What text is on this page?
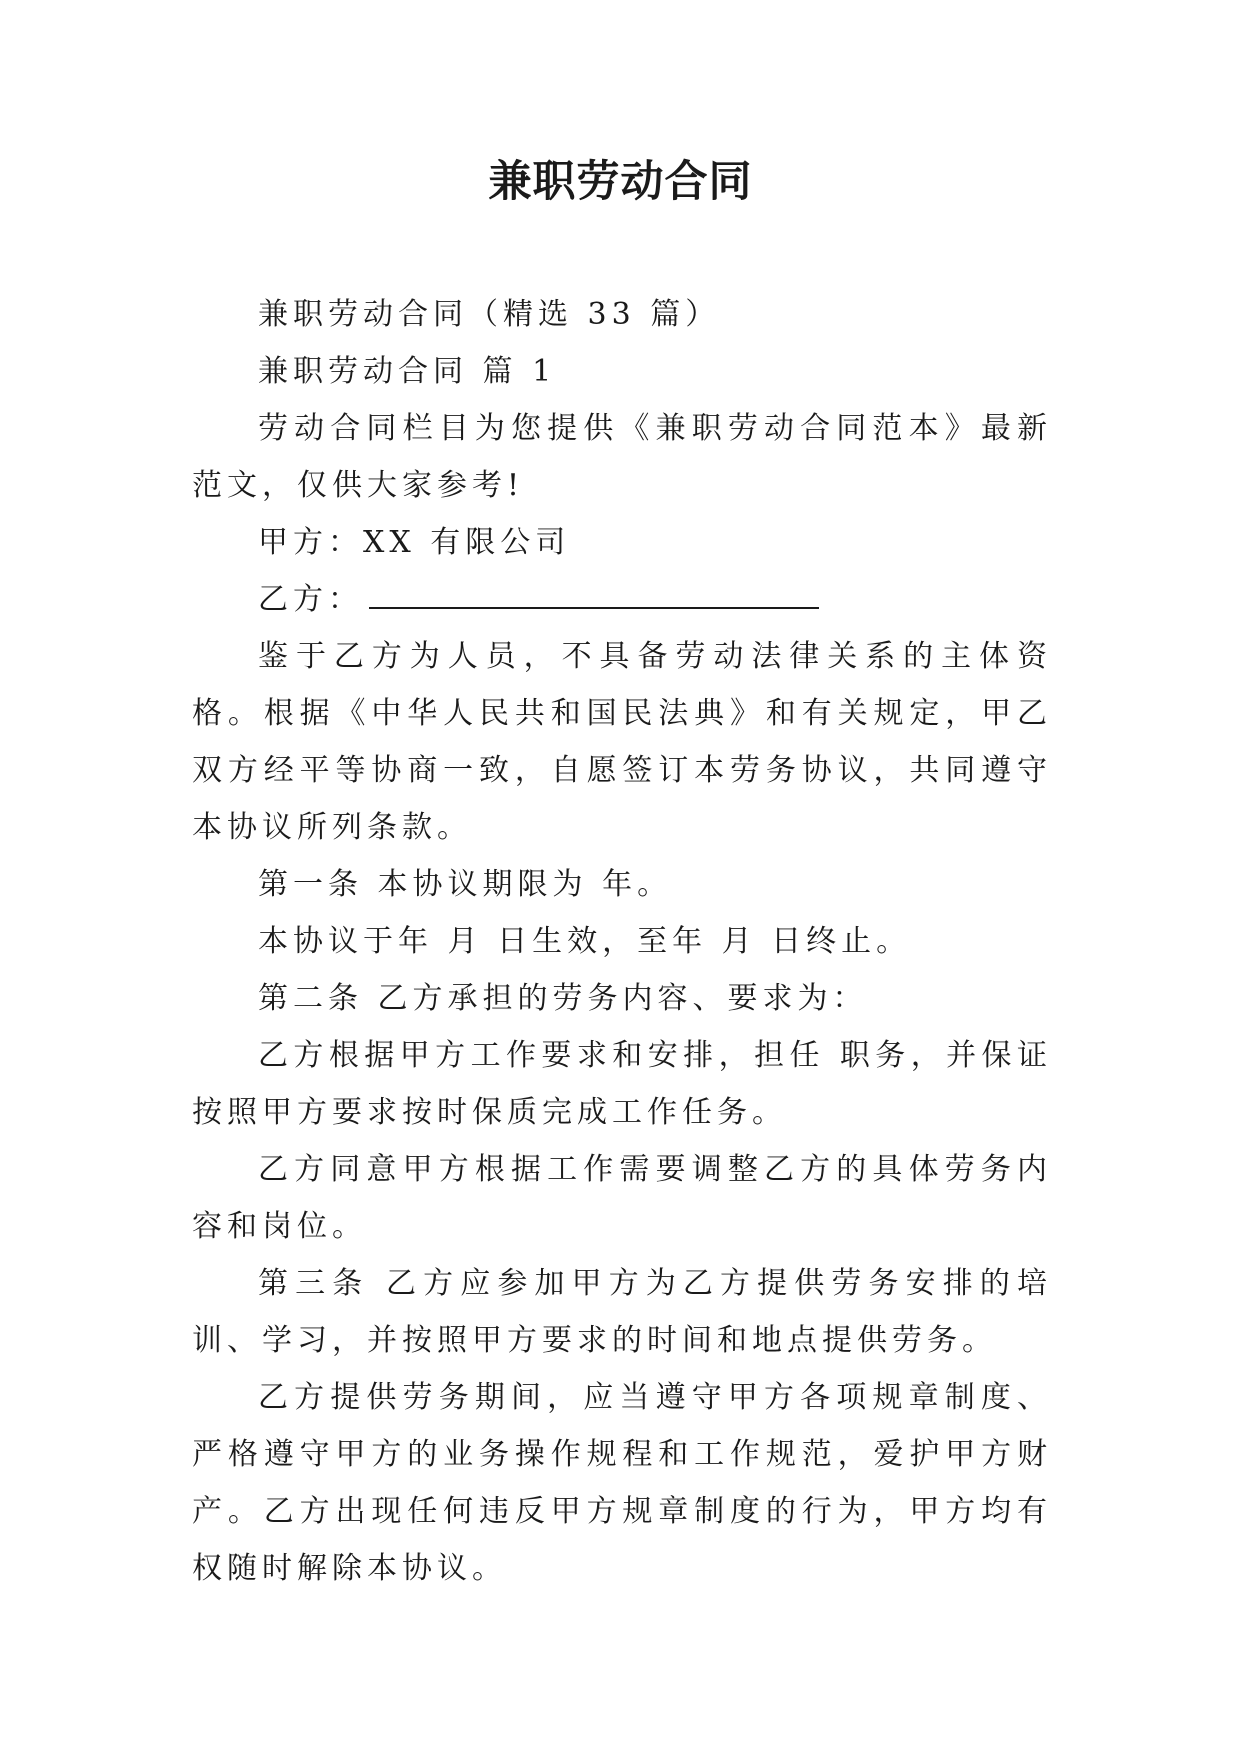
兼职劳动合同

兼职劳动合同（精选 33 篇）

兼职劳动合同 篇 1

劳动合同栏目为您提供《兼职劳动合同范本》最新范文，仅供大家参考!

甲方：XX 有限公司

乙方：

鉴于乙方为人员，不具备劳动法律关系的主体资格。根据《中华人民共和国民法典》和有关规定，甲乙双方经平等协商一致，自愿签订本劳务协议，共同遵守本协议所列条款。

第一条 本协议期限为 年。

本协议于年 月 日生效，至年 月 日终止。

第二条 乙方承担的劳务内容、要求为：

乙方根据甲方工作要求和安排，担任 职务，并保证按照甲方要求按时保质完成工作任务。

乙方同意甲方根据工作需要调整乙方的具体劳务内容和岗位。

第三条 乙方应参加甲方为乙方提供劳务安排的培训、学习，并按照甲方要求的时间和地点提供劳务。

乙方提供劳务期间，应当遵守甲方各项规章制度、严格遵守甲方的业务操作规程和工作规范，爱护甲方财产。乙方出现任何违反甲方规章制度的行为，甲方均有权随时解除本协议。
